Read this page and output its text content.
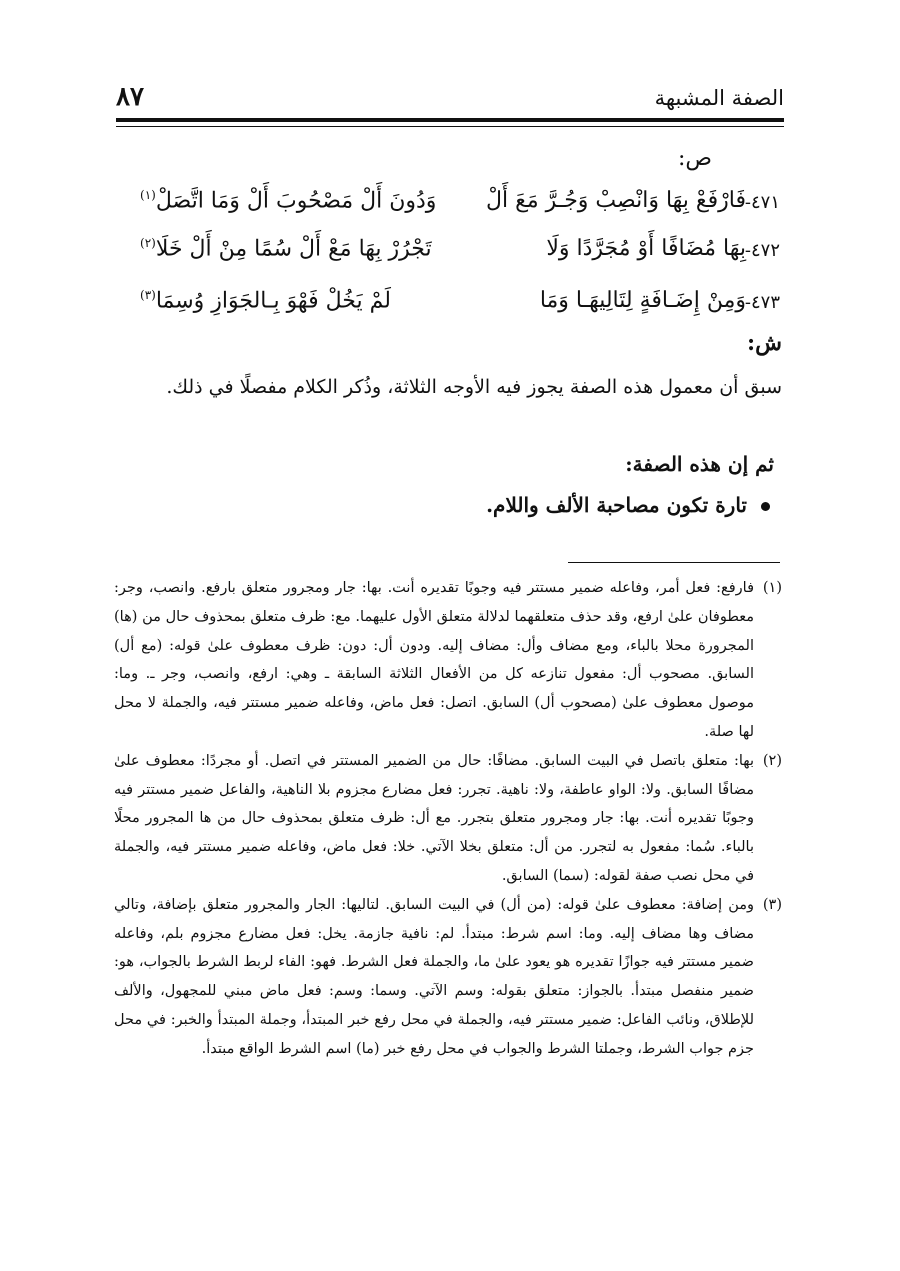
الصفة المشبهة
٨٧
ص:
٤٧١-
فَارْفَعْ بِهَا وَانْصِبْ وَجُـرَّ مَعَ أَلْ
وَدُونَ أَلْ مَصْحُوبَ أَلْ وَمَا اتَّصَلْ$^{(١)}$
٤٧٢-
بِهَا مُضَافًا أَوْ مُجَرَّدًا وَلَا
تَجْرُرْ بِهَا مَعْ أَلْ سُمًا مِنْ أَلْ خَلَا$^{(٢)}$
٤٧٣-
وَمِنْ إِضَـافَةٍ لِتَالِيهَـا وَمَا
لَمْ يَخُلْ فَهْوَ بِـالجَوَازِ وُسِمَا$^{(٣)}$
ش:
سبق أن معمول هذه الصفة يجوز فيه الأوجه الثلاثة، وذُكر الكلام مفصلًا في ذلك.
ثم إن هذه الصفة:
تارة تكون مصاحبة الألف واللام.
(١)
فارفع: فعل أمر، وفاعله ضمير مستتر فيه وجوبًا تقديره أنت. بها: جار ومجرور متعلق بارفع. وانصب، وجر: معطوفان علىٰ ارفع، وقد حذف متعلقهما لدلالة متعلق الأول عليهما. مع: ظرف متعلق بمحذوف حال من (ها) المجرورة محلا بالباء، ومع مضاف وأل: مضاف إليه. ودون أل: دون: ظرف معطوف علىٰ قوله: (مع أل) السابق. مصحوب أل: مفعول تنازعه كل من الأفعال الثلاثة السابقة ـ وهي: ارفع، وانصب، وجر ـ. وما: موصول معطوف علىٰ (مصحوب أل) السابق. اتصل: فعل ماض، وفاعله ضمير مستتر فيه، والجملة لا محل لها صلة.
(٢)
بها: متعلق باتصل في البيت السابق. مضافًا: حال من الضمير المستتر في اتصل. أو مجردًا: معطوف علىٰ مضافًا السابق. ولا: الواو عاطفة، ولا: ناهية. تجرر: فعل مضارع مجزوم بلا الناهية، والفاعل ضمير مستتر فيه وجوبًا تقديره أنت. بها: جار ومجرور متعلق بتجرر. مع أل: ظرف متعلق بمحذوف حال من ها المجرور محلًا بالباء. سُما: مفعول به لتجرر. من أل: متعلق بخلا الآتي. خلا: فعل ماض، وفاعله ضمير مستتر فيه، والجملة في محل نصب صفة لقوله: (سما) السابق.
(٣)
ومن إضافة: معطوف علىٰ قوله: (من أل) في البيت السابق. لتاليها: الجار والمجرور متعلق بإضافة، وتالي مضاف وها مضاف إليه. وما: اسم شرط: مبتدأ. لم: نافية جازمة. يخل: فعل مضارع مجزوم بلم، وفاعله ضمير مستتر فيه جوازًا تقديره هو يعود علىٰ ما، والجملة فعل الشرط. فهو: الفاء لربط الشرط بالجواب، هو: ضمير منفصل مبتدأ. بالجواز: متعلق بقوله: وسم الآتي. وسما: وسم: فعل ماض مبني للمجهول، والألف للإطلاق، ونائب الفاعل: ضمير مستتر فيه، والجملة في محل رفع خبر المبتدأ، وجملة المبتدأ والخبر: في محل جزم جواب الشرط، وجملتا الشرط والجواب في محل رفع خبر (ما) اسم الشرط الواقع مبتدأ.
